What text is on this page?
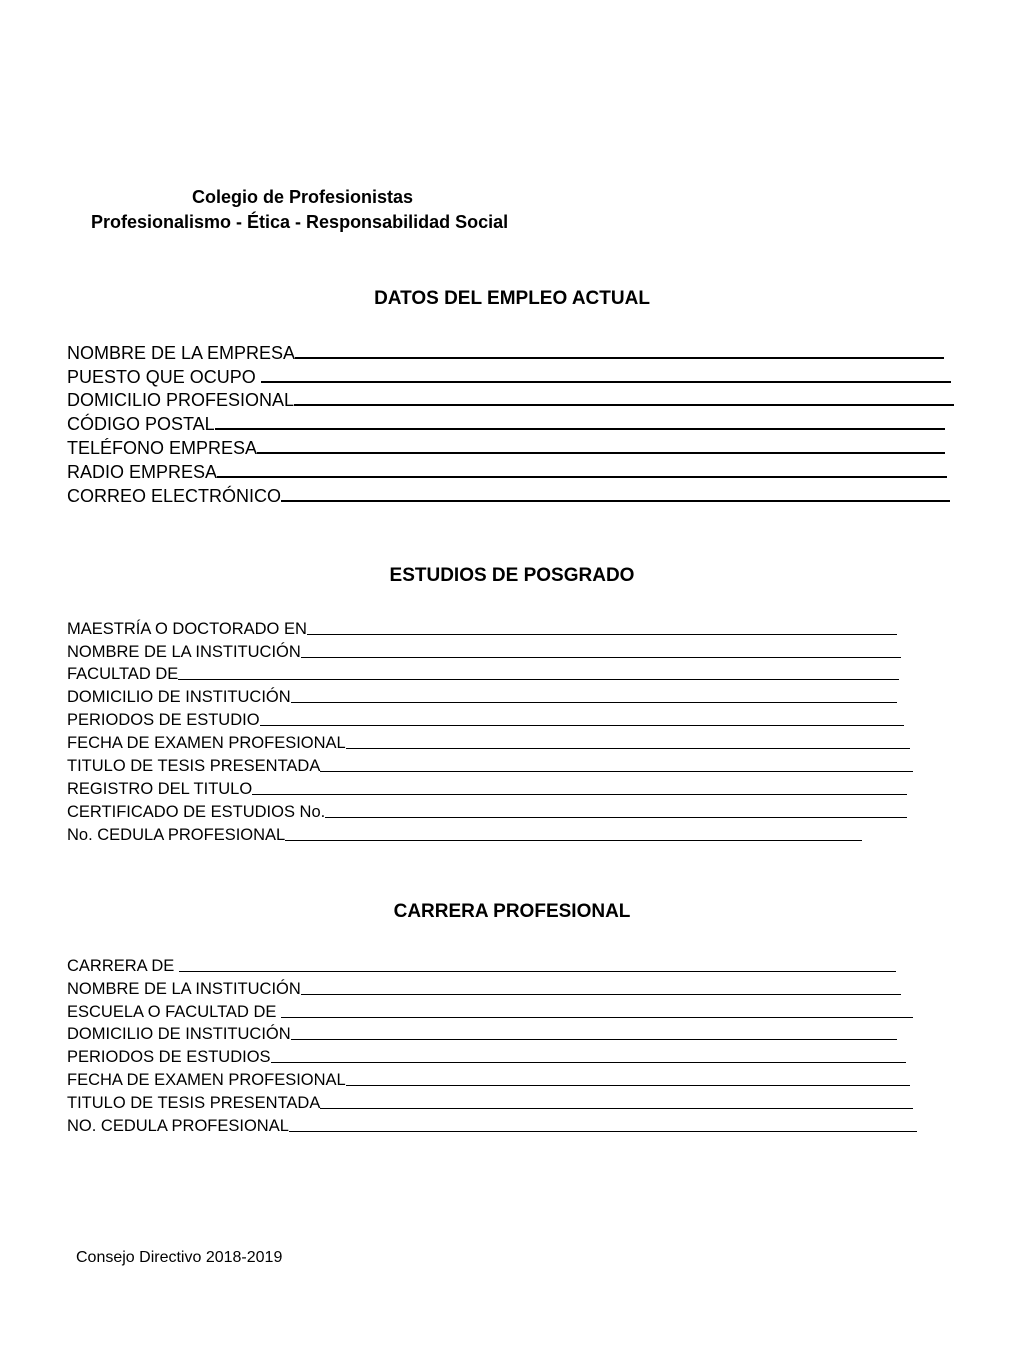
Colegio de Profesionistas
Profesionalismo - Ética - Responsabilidad Social
DATOS DEL EMPLEO ACTUAL
NOMBRE DE LA EMPRESA
PUESTO QUE OCUPO
DOMICILIO PROFESIONAL
CÓDIGO POSTAL
TELÉFONO EMPRESA
RADIO EMPRESA
CORREO ELECTRÓNICO
ESTUDIOS DE POSGRADO
MAESTRÍA O DOCTORADO EN
NOMBRE DE LA INSTITUCIÓN
FACULTAD DE
DOMICILIO DE INSTITUCIÓN
PERIODOS DE ESTUDIO
FECHA DE EXAMEN PROFESIONAL
TITULO DE TESIS PRESENTADA
REGISTRO DEL TITULO
CERTIFICADO DE ESTUDIOS No.
No. CEDULA PROFESIONAL
CARRERA PROFESIONAL
CARRERA DE
NOMBRE DE LA INSTITUCIÓN
ESCUELA O FACULTAD DE
DOMICILIO DE INSTITUCIÓN
PERIODOS DE ESTUDIOS
FECHA DE EXAMEN PROFESIONAL
TITULO DE TESIS PRESENTADA
NO. CEDULA PROFESIONAL
Consejo Directivo 2018-2019
